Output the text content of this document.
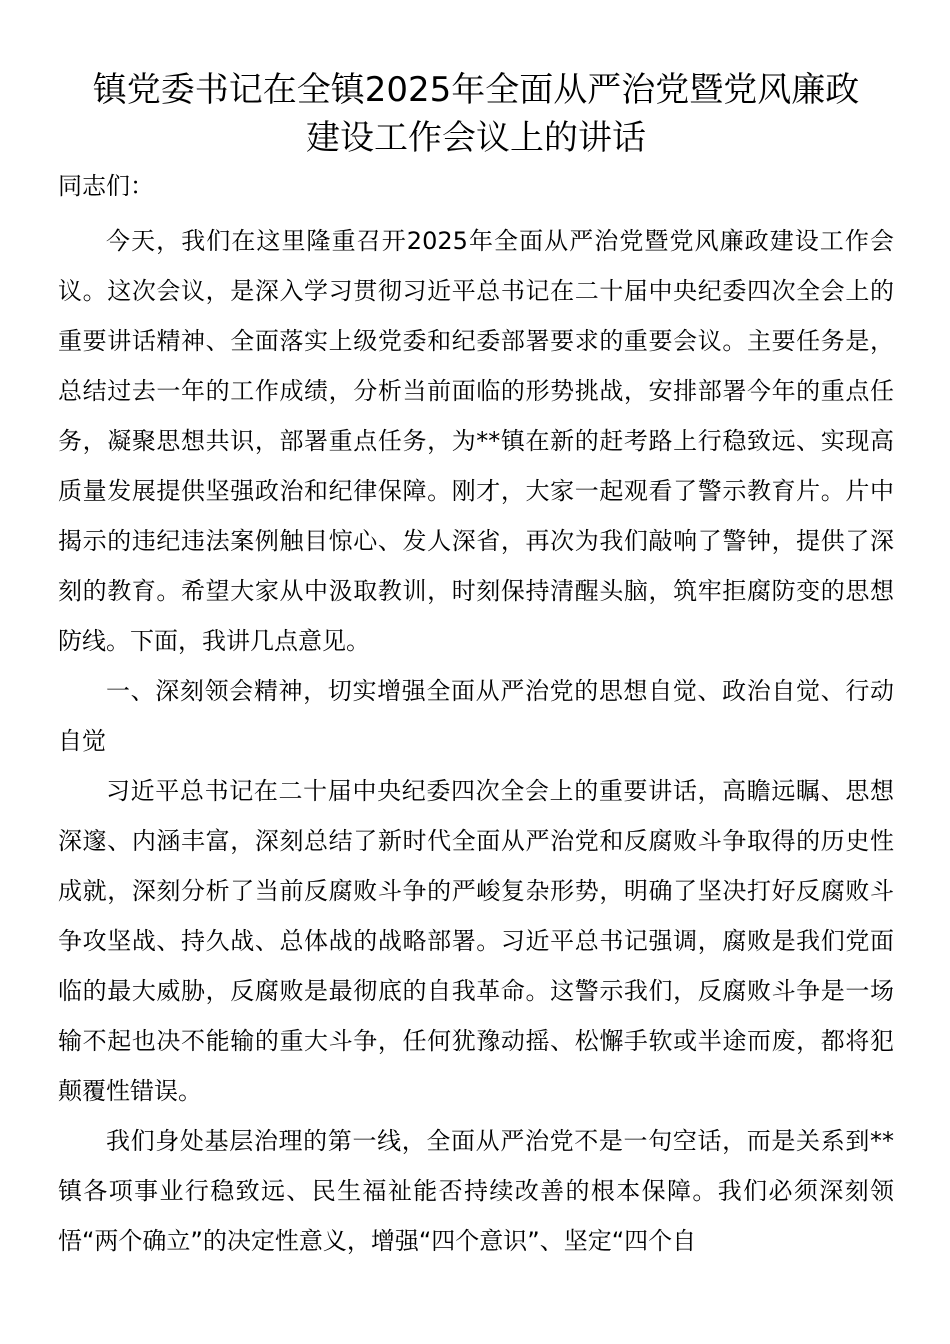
镇党委书记在全镇2025年全面从严治党暨党风廉政
建设工作会议上的讲话

同志们：

今天，我们在这里隆重召开2025年全面从严治党暨党风廉政建设工作会议。这次会议，是深入学习贯彻习近平总书记在二十届中央纪委四次全会上的重要讲话精神、全面落实上级党委和纪委部署要求的重要会议。主要任务是，总结过去一年的工作成绩，分析当前面临的形势挑战，安排部署今年的重点任务，凝聚思想共识，部署重点任务，为**镇在新的赶考路上行稳致远、实现高质量发展提供坚强政治和纪律保障。刚才，大家一起观看了警示教育片。片中揭示的违纪违法案例触目惊心、发人深省，再次为我们敲响了警钟，提供了深刻的教育。希望大家从中汲取教训，时刻保持清醒头脑，筑牢拒腐防变的思想防线。下面，我讲几点意见。

一、深刻领会精神，切实增强全面从严治党的思想自觉、政治自觉、行动自觉

习近平总书记在二十届中央纪委四次全会上的重要讲话，高瞻远瞩、思想深邃、内涵丰富，深刻总结了新时代全面从严治党和反腐败斗争取得的历史性成就，深刻分析了当前反腐败斗争的严峻复杂形势，明确了坚决打好反腐败斗争攻坚战、持久战、总体战的战略部署。习近平总书记强调，腐败是我们党面临的最大威胁，反腐败是最彻底的自我革命。这警示我们，反腐败斗争是一场输不起也决不能输的重大斗争，任何犹豫动摇、松懈手软或半途而废，都将犯颠覆性错误。

我们身处基层治理的第一线，全面从严治党不是一句空话，而是关系到**镇各项事业行稳致远、民生福祉能否持续改善的根本保障。我们必须深刻领悟“两个确立”的决定性意义，增强“四个意识”、坚定“四个自
